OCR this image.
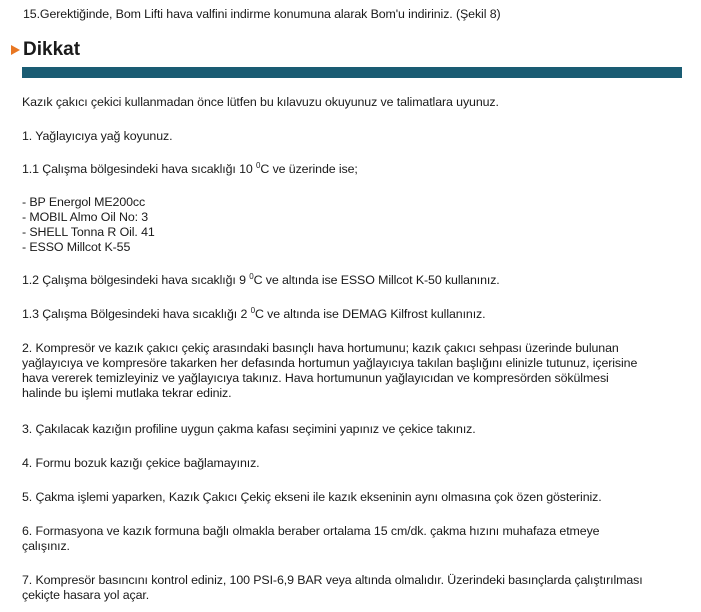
15.Gerektiğinde, Bom Lifti hava valfini indirme konumuna alarak Bom'u indiriniz. (Şekil 8)

Dikkat

Kazık çakıcı çekici kullanmadan önce lütfen bu kılavuzu okuyunuz ve talimatlara uyunuz.

1. Yağlayıcıya yağ koyunuz.

1.1 Çalışma bölgesindeki hava sıcaklığı 10 $^0$C ve üzerinde ise;

- BP Energol ME200cc

- MOBIL Almo Oil No: 3

- SHELL Tonna R Oil. 41

- ESSO Millcot K-55

1.2 Çalışma bölgesindeki hava sıcaklığı 9 $^0$C ve altında ise ESSO Millcot K-50 kullanınız.

1.3 Çalışma Bölgesindeki hava sıcaklığı 2 $^0$C ve altında ise DEMAG Kilfrost kullanınız.

2. Kompresör ve kazık çakıcı çekiç arasındaki basınçlı hava hortumunu; kazık çakıcı sehpası üzerinde bulunan

yağlayıcıya ve kompresöre takarken her defasında hortumun yağlayıcıya takılan başlığını elinizle tutunuz, içerisine

hava vererek temizleyiniz ve yağlayıcıya takınız. Hava hortumunun yağlayıcıdan ve kompresörden sökülmesi

halinde bu işlemi mutlaka tekrar ediniz.

3. Çakılacak kazığın profiline uygun çakma kafası seçimini yapınız ve çekice takınız.

4. Formu bozuk kazığı çekice bağlamayınız.

5. Çakma işlemi yaparken, Kazık Çakıcı Çekiç ekseni ile kazık ekseninin aynı olmasına çok özen gösteriniz.

6. Formasyona ve kazık formuna bağlı olmakla beraber ortalama 15 cm/dk. çakma hızını muhafaza etmeye

çalışınız.

7. Kompresör basıncını kontrol ediniz, 100 PSI-6,9 BAR veya altında olmalıdır. Üzerindeki basınçlarda çalıştırılması

çekiçte hasara yol açar.
